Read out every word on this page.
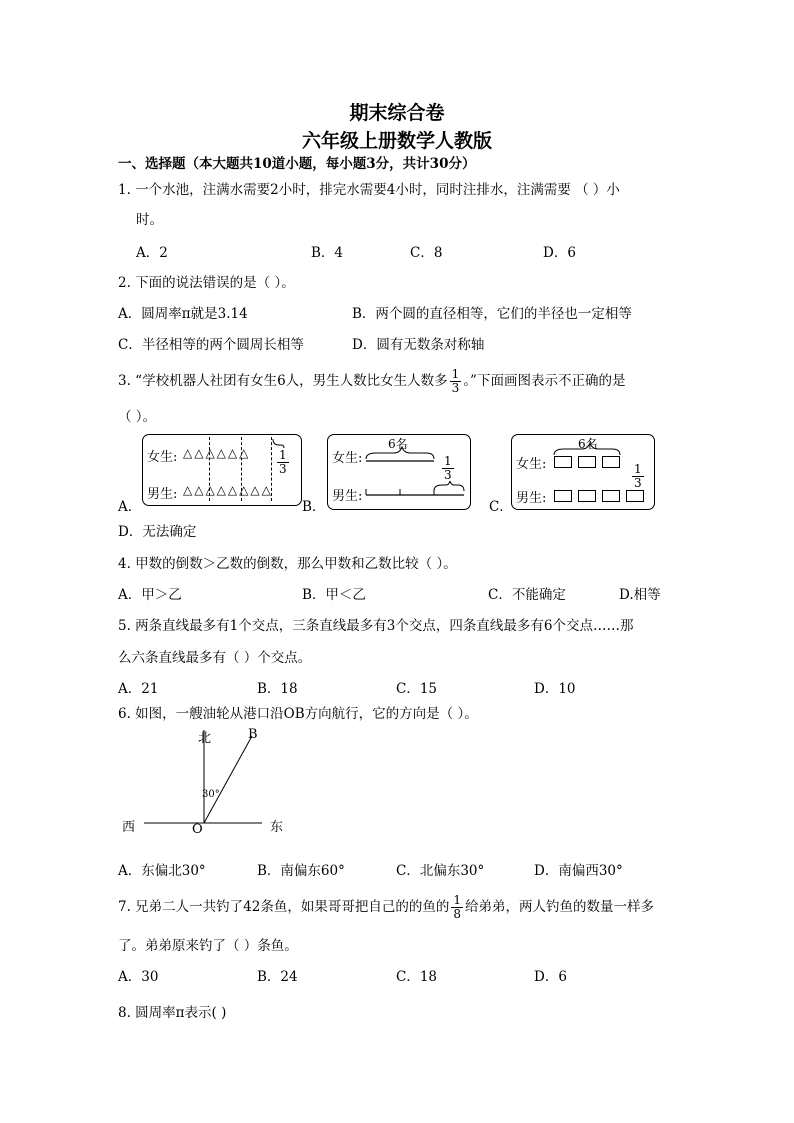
期末综合卷
六年级上册数学人教版
一、选择题（本大题共10道小题，每小题3分，共计30分）
1. 一个水池，注满水需要2小时，排完水需要4小时，同时注排水，注满需要 （ ）小
时。
A．2	B．4	C．8	D．6
2. 下面的说法错误的是（ ）。
A．圆周率π就是3.14	B．两个圆的直径相等，它们的半径也一定相等
C．半径相等的两个圆周长相等	D．圆有无数条对称轴
3. “学校机器人社团有女生6人，男生人数比女生人数多 $\frac{1}{3}$ 。”下面画图表示不正确的是
（ ）。
A．
女生: △△△△△△
男生: △△△△△△△△
$\frac{1}{3}$
B．
女生:
6名
男生:
$\frac{1}{3}$
C．
6名
女生:
男生:
$\frac{1}{3}$
D．无法确定
4. 甲数的倒数＞乙数的倒数，那么甲数和乙数比较（ ）。
A．甲＞乙	B．甲＜乙	C．不能确定	D.相等
5. 两条直线最多有1个交点，三条直线最多有3个交点，四条直线最多有6个交点……那
么六条直线最多有（ ）个交点。
A．21	B．18	C．15	D．10
6. 如图，一艘油轮从港口沿OB方向航行，它的方向是（ ）。
北	B
30°
西	东
O
A．东偏北30°	B．南偏东60°	C．北偏东30°	D．南偏西30°
7. 兄弟二人一共钓了42条鱼，如果哥哥把自己的的鱼的 $\frac{1}{8}$ 给弟弟，两人钓鱼的数量一样多
了。弟弟原来钓了（ ）条鱼。
A．30	B．24	C．18	D．6
8. 圆周率π表示( )
